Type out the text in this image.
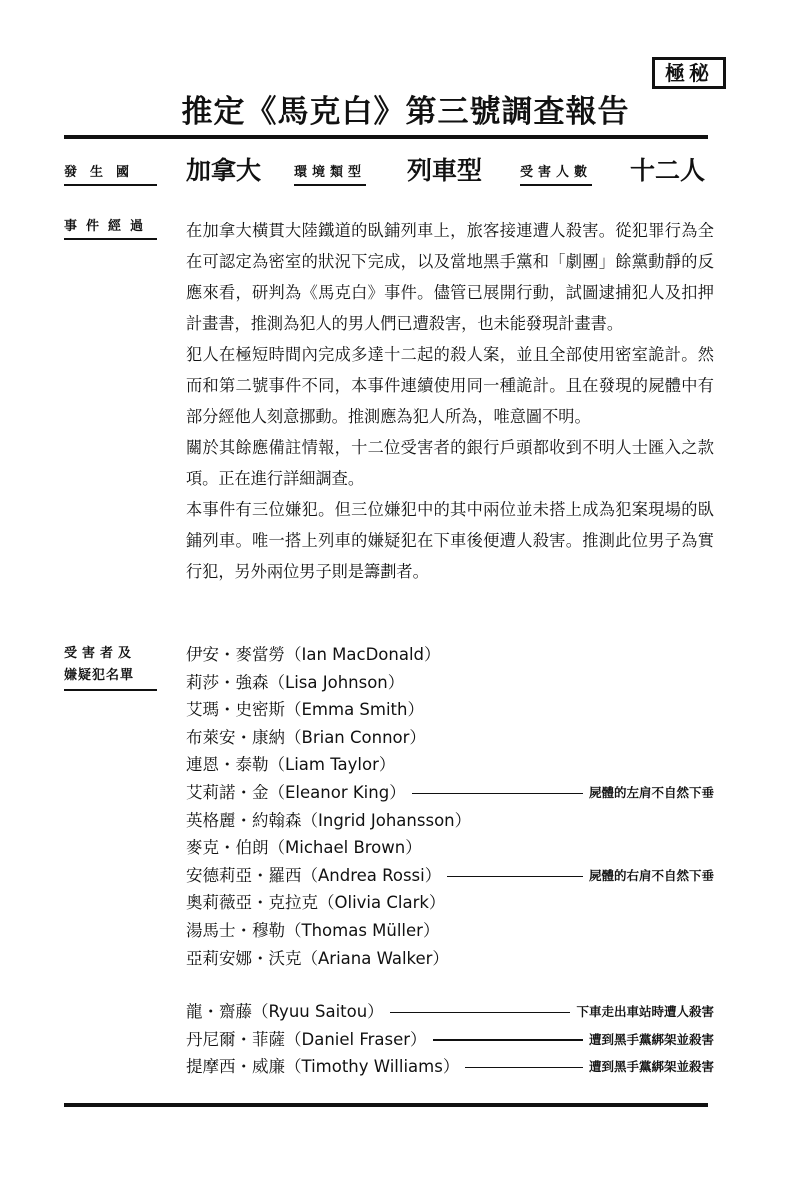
極秘
推定《馬克白》第三號調查報告
發　生　國	加拿大	環境類型 列車型	受害人數 十二人
事件經過	在加拿大橫貫大陸鐵道的臥鋪列車上，旅客接連遭人殺害。從犯罪行為全在可認定為密室的狀況下完成，以及當地黑手黨和「劇團」餘黨動靜的反應來看，研判為《馬克白》事件。儘管已展開行動，試圖逮捕犯人及扣押計畫書，推測為犯人的男人們已遭殺害，也未能發現計畫書。

犯人在極短時間內完成多達十二起的殺人案，並且全部使用密室詭計。然而和第二號事件不同，本事件連續使用同一種詭計。且在發現的屍體中有部分經他人刻意挪動。推測應為犯人所為，唯意圖不明。

關於其餘應備註情報，十二位受害者的銀行戶頭都收到不明人士匯入之款項。正在進行詳細調查。

本事件有三位嫌犯。但三位嫌犯中的其中兩位並未搭上成為犯案現場的臥鋪列車。唯一搭上列車的嫌疑犯在下車後便遭人殺害。推測此位男子為實行犯，另外兩位男子則是籌劃者。

受害者及
嫌疑犯名單
伊安・麥當勞（Ian MacDonald）
莉莎・強森（Lisa Johnson）
艾瑪・史密斯（Emma Smith）
布萊安・康納（Brian Connor）
連恩・泰勒（Liam Taylor）
艾莉諾・金（Eleanor King）	屍體的左肩不自然下垂
英格麗・約翰森（Ingrid Johansson）
麥克・伯朗（Michael Brown）
安德莉亞・羅西（Andrea Rossi）	屍體的右肩不自然下垂
奧莉薇亞・克拉克（Olivia Clark）
湯馬士・穆勒（Thomas Müller）
亞莉安娜・沃克（Ariana Walker）
龍・齋藤（Ryuu Saitou）	下車走出車站時遭人殺害
丹尼爾・菲薩（Daniel Fraser）	遭到黑手黨綁架並殺害
提摩西・威廉（Timothy Williams）	遭到黑手黨綁架並殺害
